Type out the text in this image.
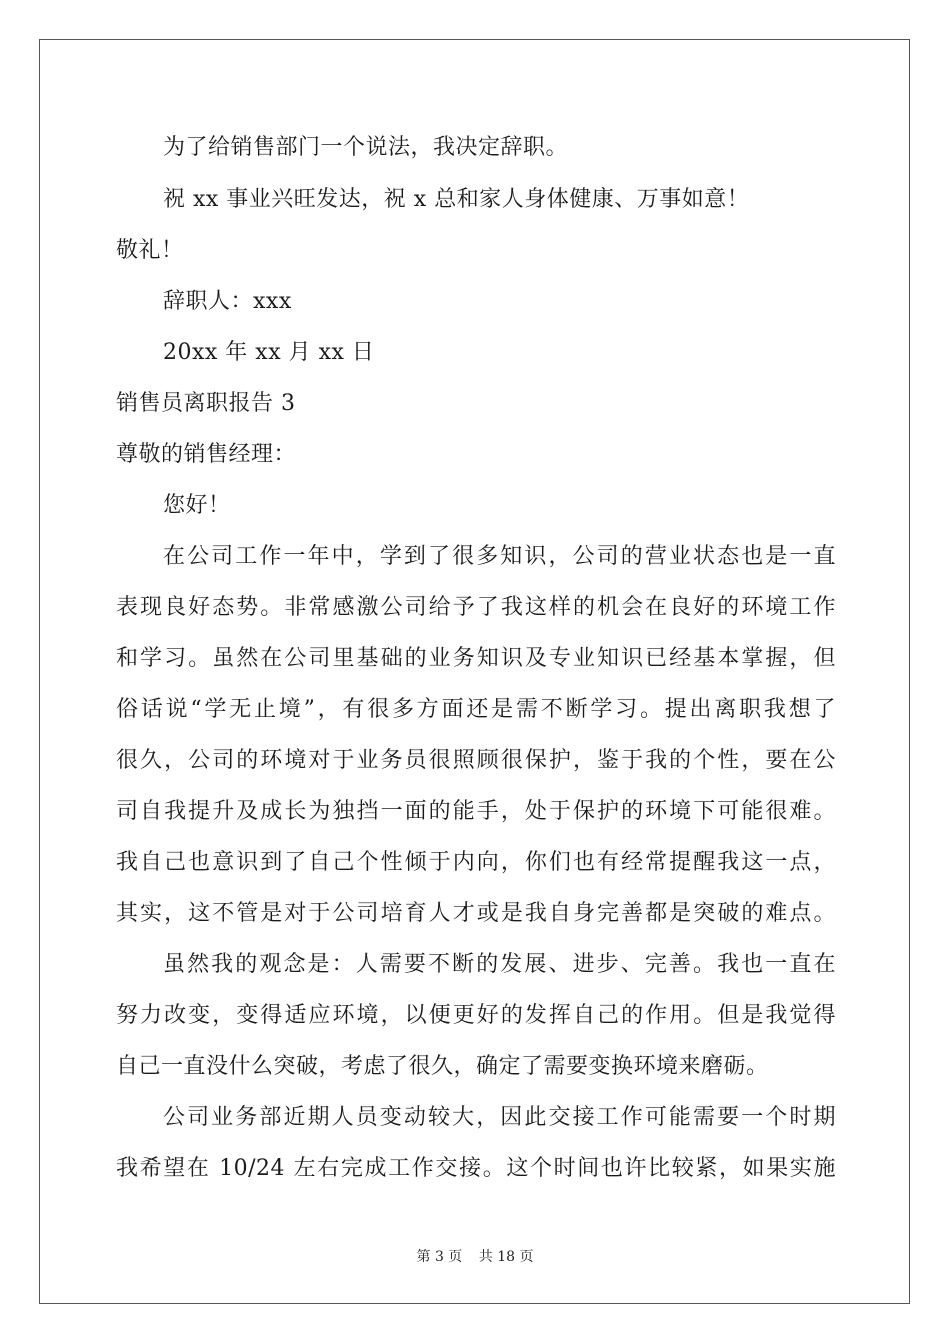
为了给销售部门一个说法，我决定辞职。
祝 xx 事业兴旺发达，祝 x 总和家人身体健康、万事如意！
敬礼！
辞职人：xxx
20xx 年 xx 月 xx 日
销售员离职报告 3
尊敬的销售经理：
您好！
在公司工作一年中，学到了很多知识，公司的营业状态也是一直
表现良好态势。非常感激公司给予了我这样的机会在良好的环境工作
和学习。虽然在公司里基础的业务知识及专业知识已经基本掌握，但
俗话说“学无止境”，有很多方面还是需不断学习。提出离职我想了
很久，公司的环境对于业务员很照顾很保护，鉴于我的个性，要在公
司自我提升及成长为独挡一面的能手，处于保护的环境下可能很难。
我自己也意识到了自己个性倾于内向，你们也有经常提醒我这一点，
其实，这不管是对于公司培育人才或是我自身完善都是突破的难点。
虽然我的观念是：人需要不断的发展、进步、完善。我也一直在
努力改变，变得适应环境，以便更好的发挥自己的作用。但是我觉得
自己一直没什么突破，考虑了很久，确定了需要变换环境来磨砺。
公司业务部近期人员变动较大，因此交接工作可能需要一个时期
我希望在 10/24 左右完成工作交接。这个时间也许比较紧，如果实施
第 3 页 共 18 页
